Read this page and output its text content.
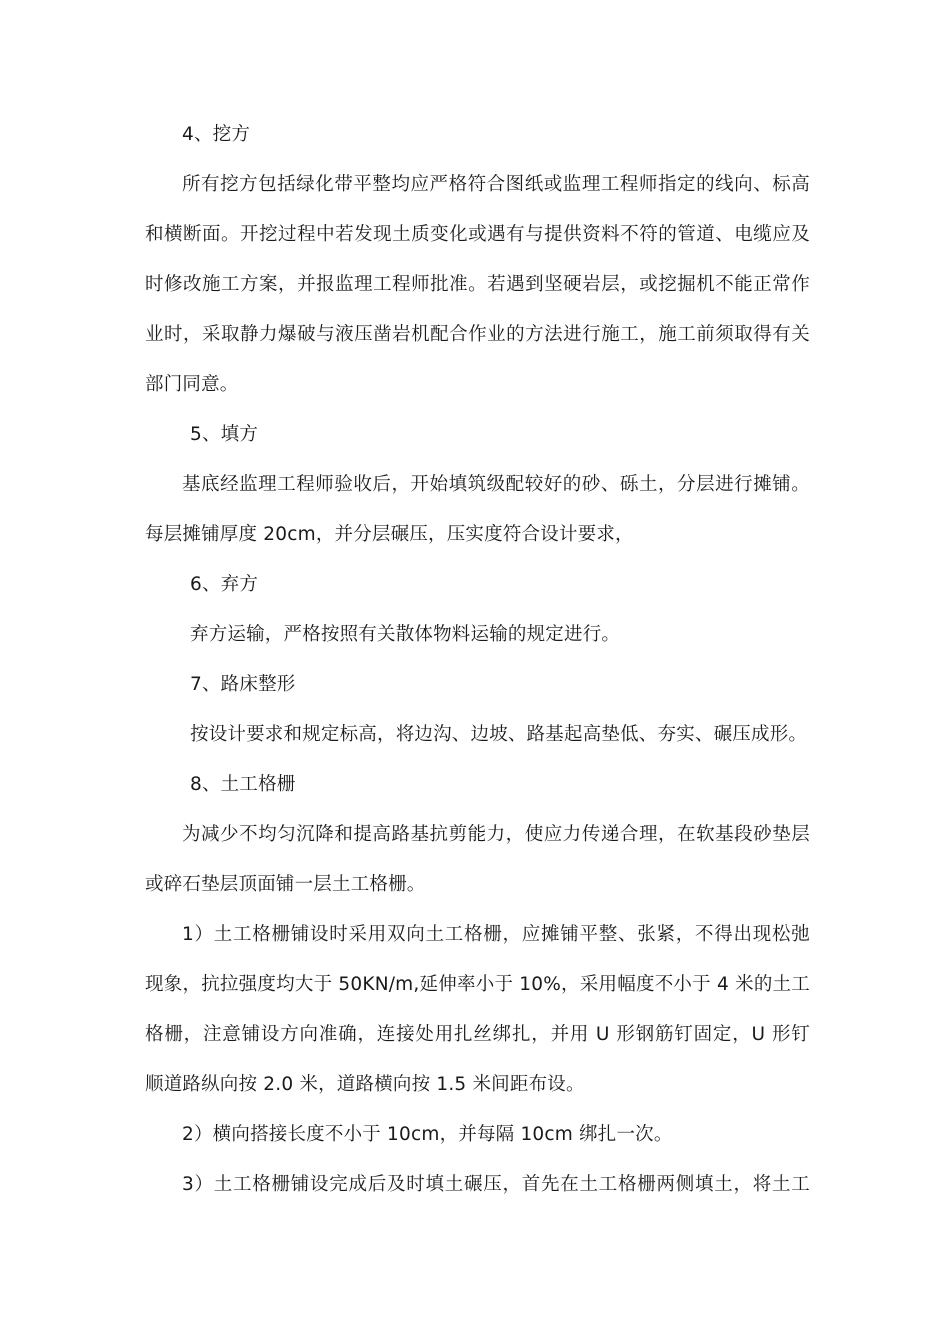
4、挖方
所有挖方包括绿化带平整均应严格符合图纸或监理工程师指定的线向、标高
和横断面。开挖过程中若发现土质变化或遇有与提供资料不符的管道、电缆应及
时修改施工方案，并报监理工程师批准。若遇到坚硬岩层，或挖掘机不能正常作
业时，采取静力爆破与液压凿岩机配合作业的方法进行施工，施工前须取得有关
部门同意。
5、填方
基底经监理工程师验收后，开始填筑级配较好的砂、砾土，分层进行摊铺。
每层摊铺厚度 20cm，并分层碾压，压实度符合设计要求，
6、弃方
弃方运输，严格按照有关散体物料运输的规定进行。
7、路床整形
按设计要求和规定标高，将边沟、边坡、路基起高垫低、夯实、碾压成形。
8、土工格栅
为减少不均匀沉降和提高路基抗剪能力，使应力传递合理，在软基段砂垫层
或碎石垫层顶面铺一层土工格栅。
1）土工格栅铺设时采用双向土工格栅，应摊铺平整、张紧，不得出现松弛
现象，抗拉强度均大于 50KN/m,延伸率小于 10%，采用幅度不小于 4 米的土工
格栅，注意铺设方向准确，连接处用扎丝绑扎，并用 U 形钢筋钉固定，U 形钉
顺道路纵向按 2.0 米，道路横向按 1.5 米间距布设。
2）横向搭接长度不小于 10cm，并每隔 10cm 绑扎一次。
3）土工格栅铺设完成后及时填土碾压，首先在土工格栅两侧填土，将土工
